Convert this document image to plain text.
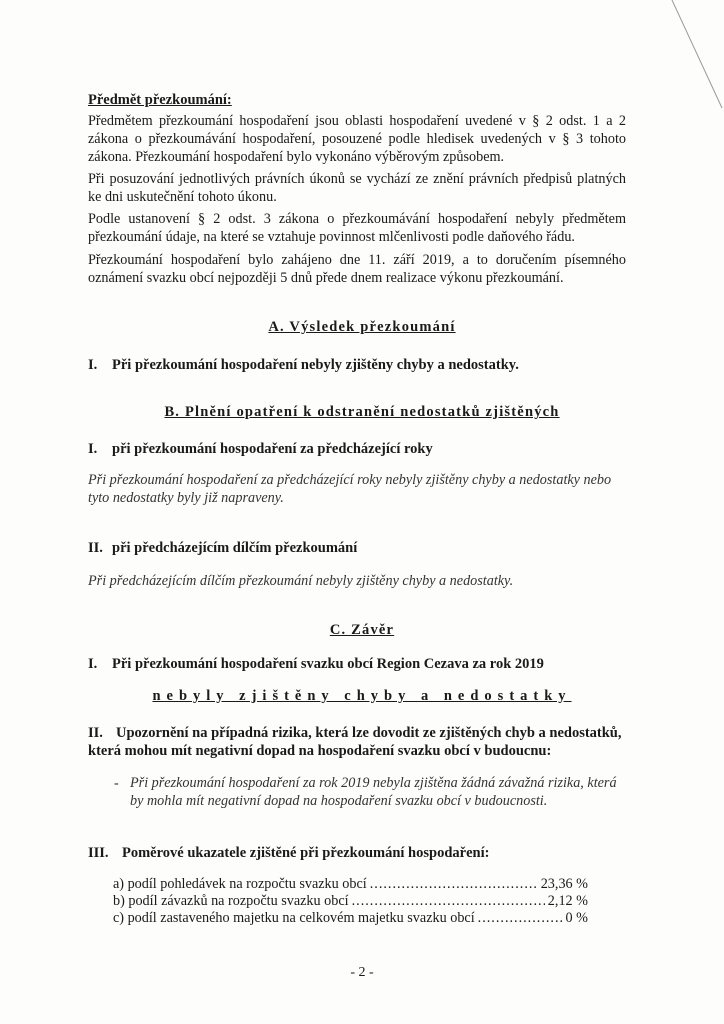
Předmět přezkoumání:
Předmětem přezkoumání hospodaření jsou oblasti hospodaření uvedené v § 2 odst. 1 a 2 zákona o přezkoumávání hospodaření, posouzené podle hledisek uvedených v § 3 tohoto zákona. Přezkoumání hospodaření bylo vykonáno výběrovým způsobem.
Při posuzování jednotlivých právních úkonů se vychází ze znění právních předpisů platných ke dni uskutečnění tohoto úkonu.
Podle ustanovení § 2 odst. 3 zákona o přezkoumávání hospodaření nebyly předmětem přezkoumání údaje, na které se vztahuje povinnost mlčenlivosti podle daňového řádu.
Přezkoumání hospodaření bylo zahájeno dne 11. září 2019, a to doručením písemného oznámení svazku obcí nejpozději 5 dnů přede dnem realizace výkonu přezkoumání.
A. Výsledek přezkoumání
I. Při přezkoumání hospodaření nebyly zjištěny chyby a nedostatky.
B. Plnění opatření k odstranění nedostatků zjištěných
I. při přezkoumání hospodaření za předcházející roky
Při přezkoumání hospodaření za předcházející roky nebyly zjištěny chyby a nedostatky nebo tyto nedostatky byly již napraveny.
II. při předcházejícím dílčím přezkoumání
Při předcházejícím dílčím přezkoumání nebyly zjištěny chyby a nedostatky.
C. Závěr
I. Při přezkoumání hospodaření svazku obcí Region Cezava za rok 2019
nebyly zjištěny chyby a nedostatky
II. Upozornění na případná rizika, která lze dovodit ze zjištěných chyb a nedostatků, která mohou mít negativní dopad na hospodaření svazku obcí v budoucnu:
- Při přezkoumání hospodaření za rok 2019 nebyla zjištěna žádná závažná rizika, která by mohla mít negativní dopad na hospodaření svazku obcí v budoucnosti.
III. Poměrové ukazatele zjištěné při přezkoumání hospodaření:
a) podíl pohledávek na rozpočtu svazku obcí .....	23,36 %
b) podíl závazků na rozpočtu svazku obcí .....	2,12 %
c) podíl zastaveného majetku na celkovém majetku svazku obcí .....	0 %
- 2 -
